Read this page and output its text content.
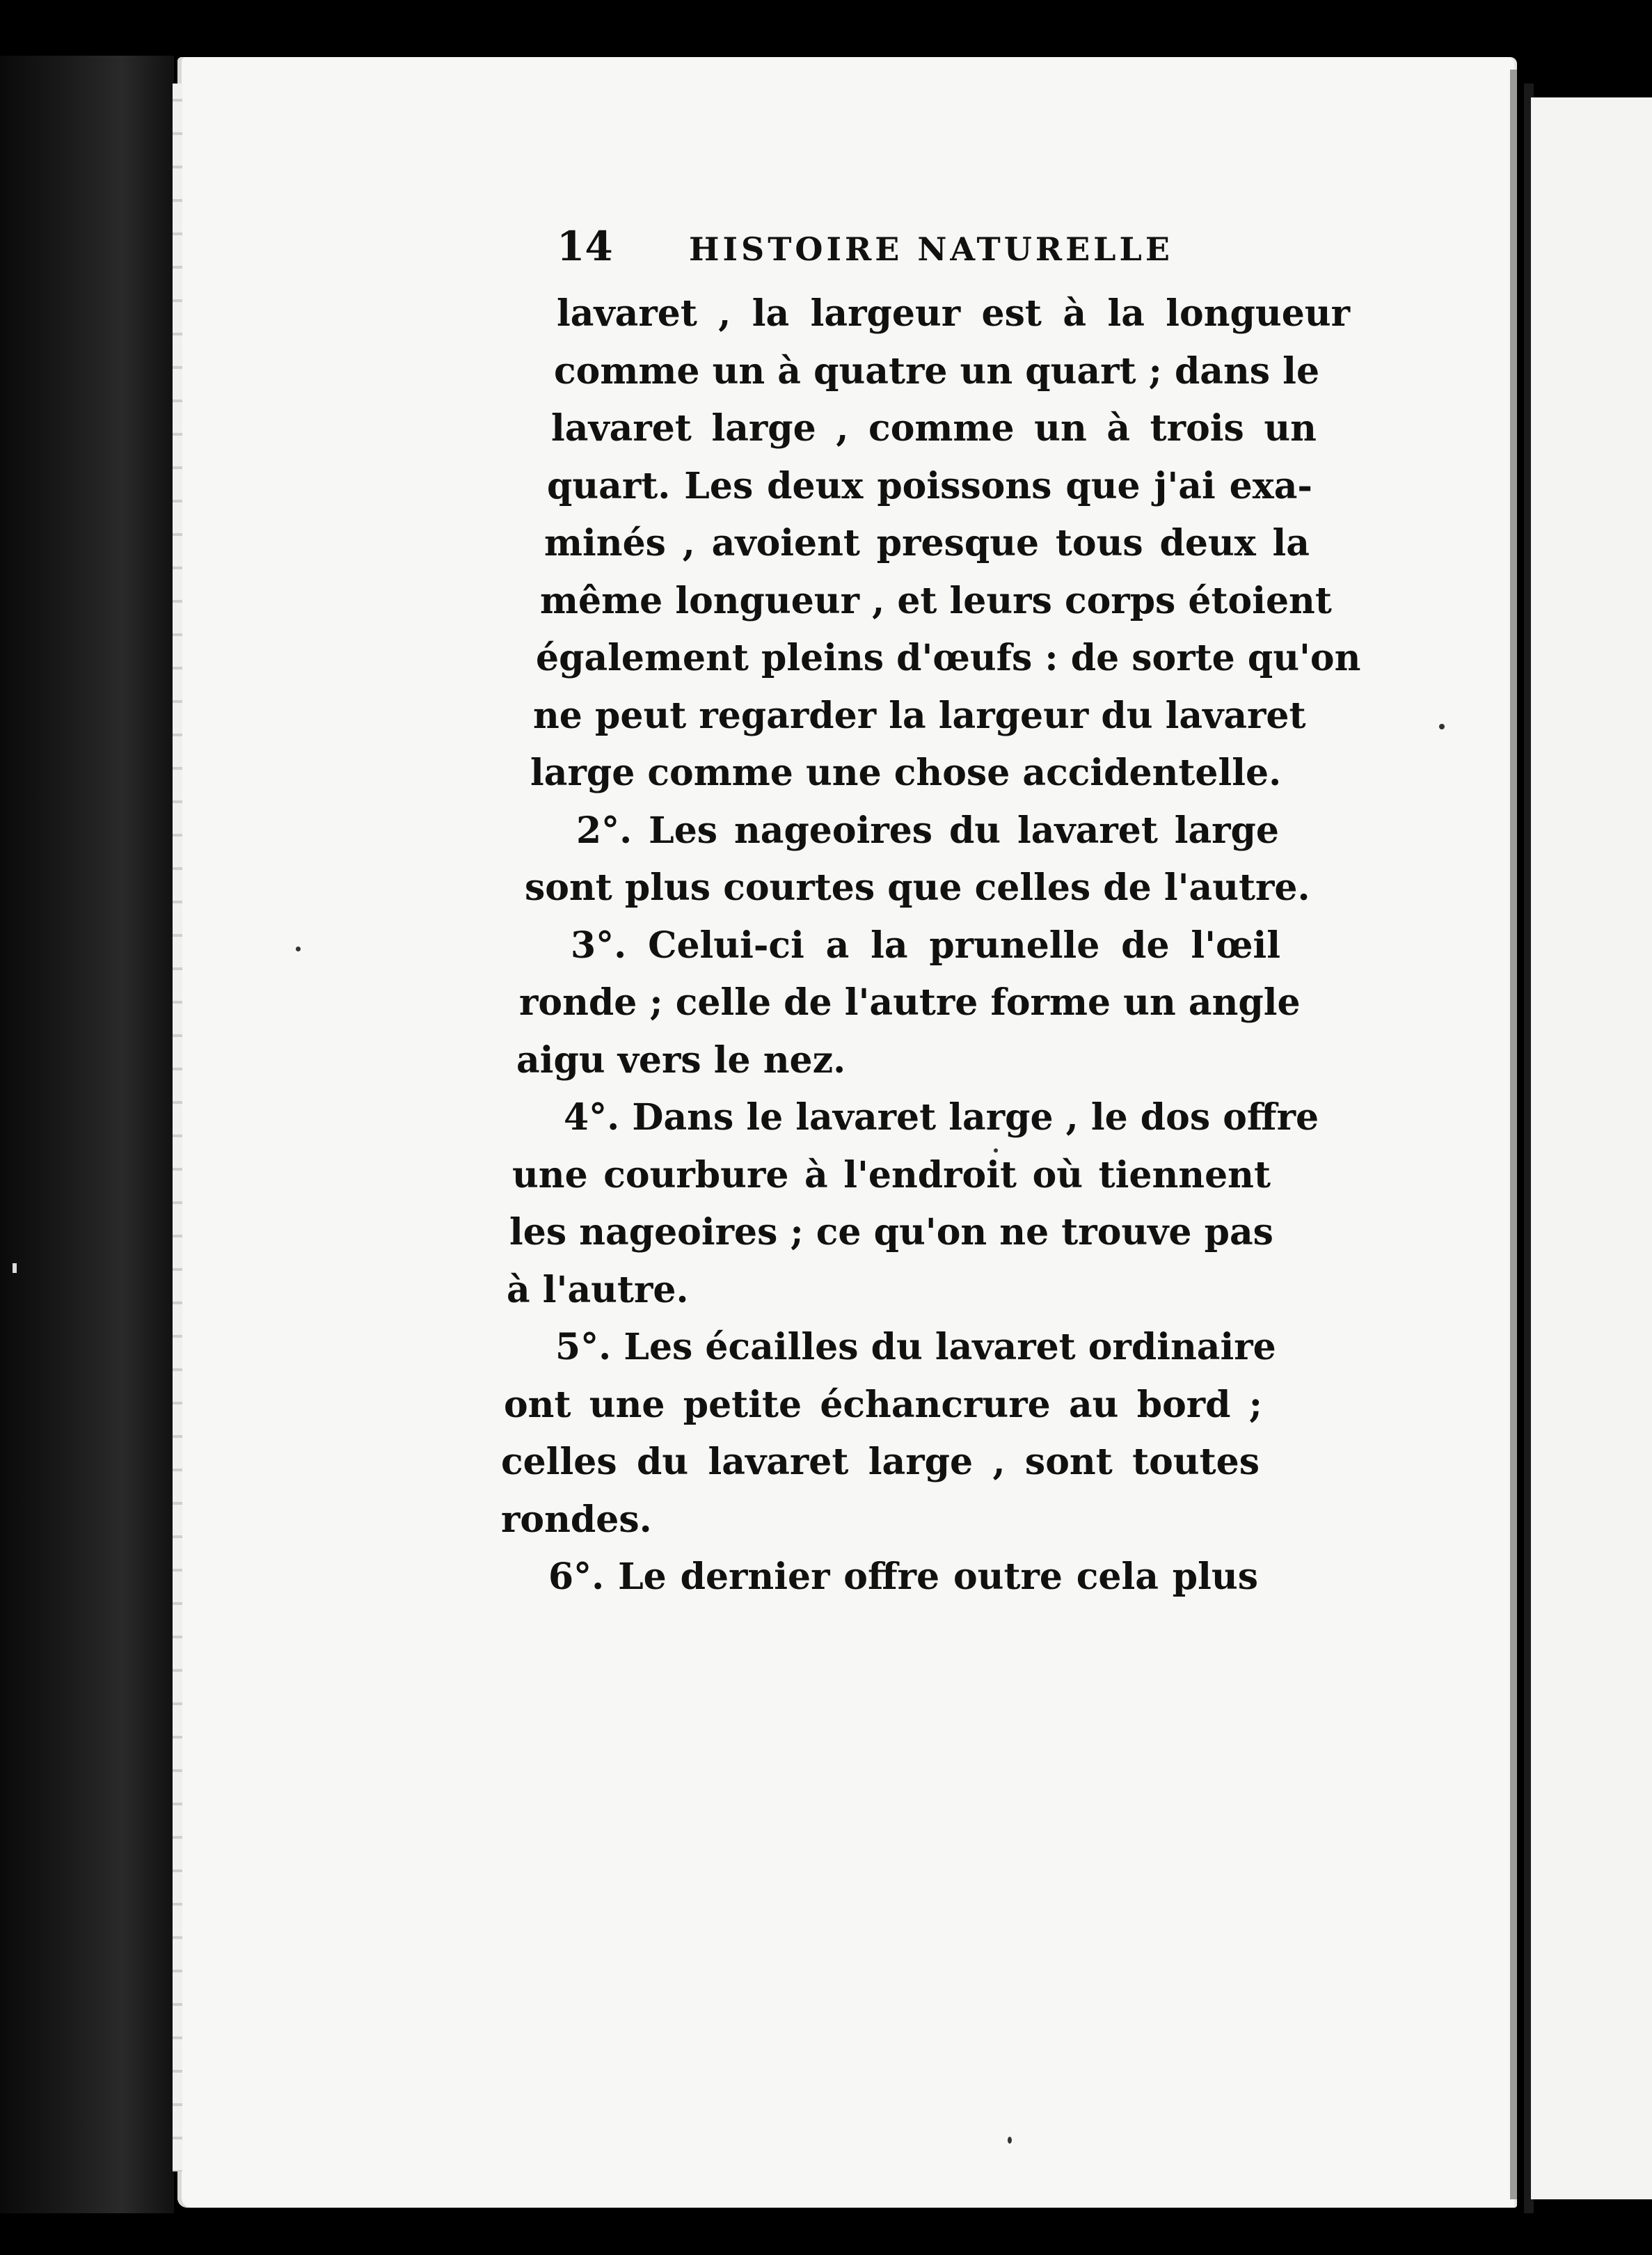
14	HISTOIRE NATURELLE
lavaret , la largeur est à la longueur
comme un à quatre un quart ; dans le
lavaret large , comme un à trois un
quart. Les deux poissons que j'ai exa-
minés , avoient presque tous deux la
même longueur , et leurs corps étoient
également pleins d'œufs : de sorte qu'on
ne peut regarder la largeur du lavaret
large comme une chose accidentelle.
2°. Les nageoires du lavaret large
sont plus courtes que celles de l'autre.
3°. Celui-ci a la prunelle de l'œil
ronde ; celle de l'autre forme un angle
aigu vers le nez.
4°. Dans le lavaret large , le dos offre
une courbure à l'endroit où tiennent
les nageoires ; ce qu'on ne trouve pas
à l'autre.
5°. Les écailles du lavaret ordinaire
ont une petite échancrure au bord ;
celles du lavaret large , sont toutes
rondes.
6°. Le dernier offre outre cela plus
